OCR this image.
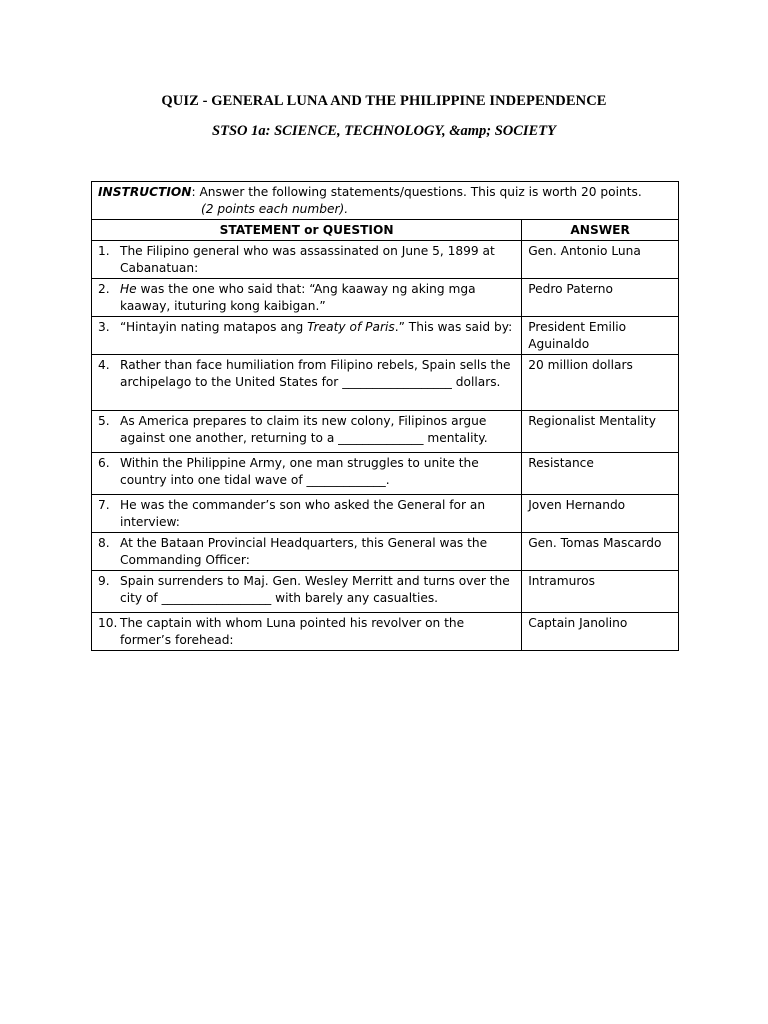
QUIZ - GENERAL LUNA AND THE PHILIPPINE INDEPENDENCE
STSO 1a: SCIENCE, TECHNOLOGY, &amp; SOCIETY
INSTRUCTION: Answer the following statements/questions. This quiz is worth 20 points.
(2 points each number).	

STATEMENT or QUESTION	ANSWER

1. The Filipino general who was assassinated on June 5, 1899 at Cabanatuan:	Gen. Antonio Luna

2. He was the one who said that: “Ang kaaway ng aking mga kaaway, ituturing kong kaibigan.”	Pedro Paterno

3. “Hintayin nating matapos ang Treaty of Paris.” This was said by:	President Emilio Aguinaldo

4. Rather than face humiliation from Filipino rebels, Spain sells the archipelago to the United States for __________________ dollars.	20 million dollars

5. As America prepares to claim its new colony, Filipinos argue against one another, returning to a ______________ mentality.	Regionalist Mentality

6. Within the Philippine Army, one man struggles to unite the country into one tidal wave of _____________.	Resistance

7. He was the commander’s son who asked the General for an interview:	Joven Hernando

8. At the Bataan Provincial Headquarters, this General was the Commanding Officer:	Gen. Tomas Mascardo

9. Spain surrenders to Maj. Gen. Wesley Merritt and turns over the city of __________________ with barely any casualties.	Intramuros

10. The captain with whom Luna pointed his revolver on the former’s forehead:	Captain Janolino
